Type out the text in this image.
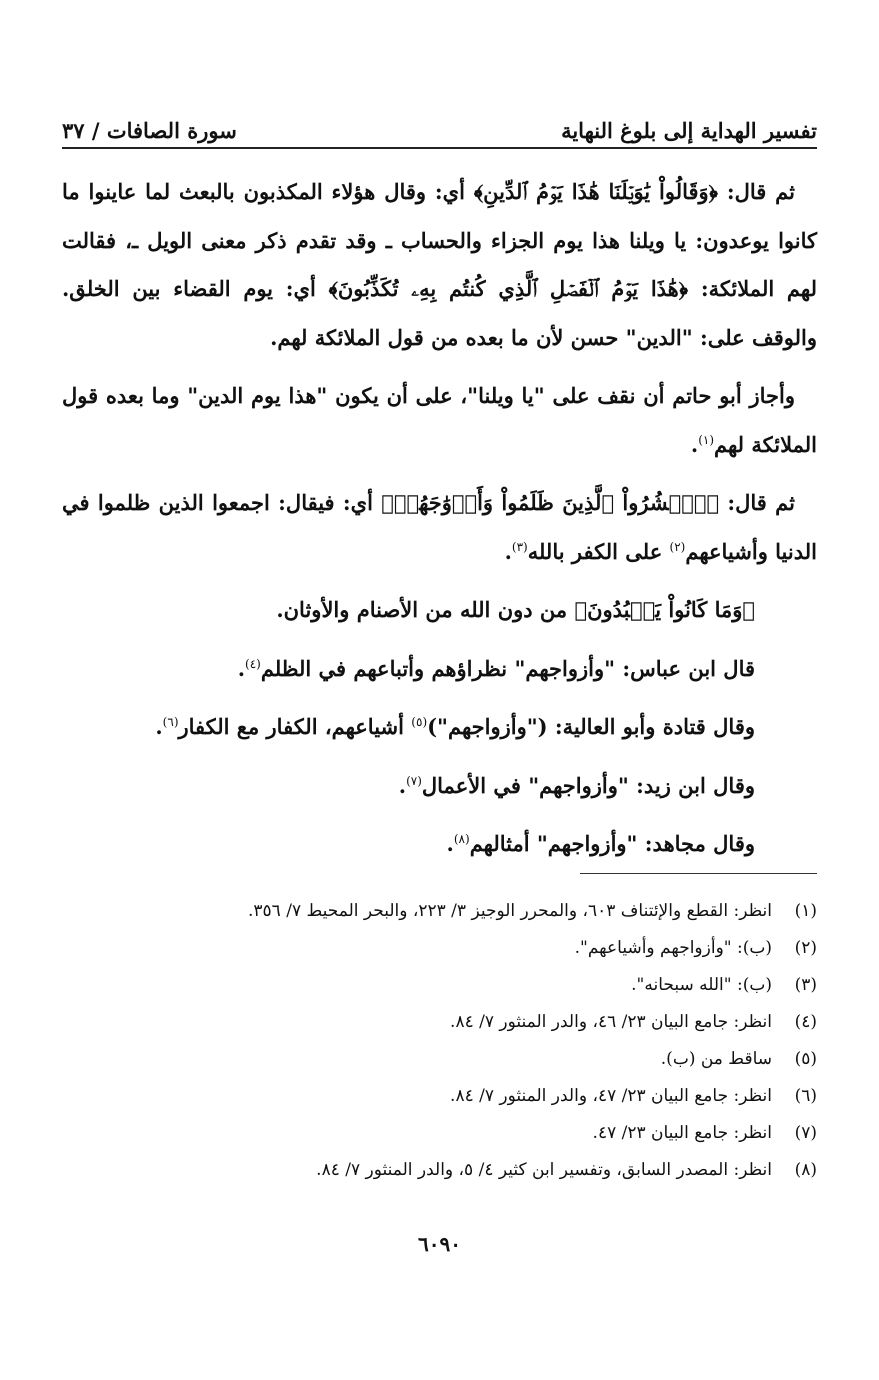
تفسير الهداية إلى بلوغ النهاية
سورة الصافات / ٣٧

ثم قال: ﴿وَقَالُواْ يَٰوَيۡلَنَا هَٰذَا يَوۡمُ ٱلدِّينِ﴾ أي: وقال هؤلاء المكذبون بالبعث لما عاينوا ما كانوا يوعدون: يا ويلنا هذا يوم الجزاء والحساب ـ وقد تقدم ذكر معنى الويل ـ، فقالت لهم الملائكة: ﴿هَٰذَا يَوۡمُ ٱلۡفَصۡلِ ٱلَّذِي كُنتُم بِهِۦ تُكَذِّبُونَ﴾ أي: يوم القضاء بين الخلق. والوقف على: "الدين" حسن لأن ما بعده من قول الملائكة لهم.

وأجاز أبو حاتم أن نقف على "يا ويلنا"، على أن يكون "هذا يوم الدين" وما بعده قول الملائكة لهم$^{(١)}$.

ثم قال: ﴿ٱحۡشُرُواْ ٱلَّذِينَ ظَلَمُواْ وَأَزۡوَٰجَهُمۡ﴾ أي: فيقال: اجمعوا الذين ظلموا في الدنيا وأشياعهم$^{(٢)}$ على الكفر بالله$^{(٣)}$.

﴿وَمَا كَانُواْ يَعۡبُدُونَ﴾ من دون الله من الأصنام والأوثان.

قال ابن عباس: "وأزواجهم" نظراؤهم وأتباعهم في الظلم$^{(٤)}$.

وقال قتادة وأبو العالية: ("وأزواجهم")$^{(٥)}$ أشياعهم، الكفار مع الكفار$^{(٦)}$.

وقال ابن زيد: "وأزواجهم" في الأعمال$^{(٧)}$.

وقال مجاهد: "وأزواجهم" أمثالهم$^{(٨)}$.

(١)
انظر: القطع والإئتناف ٦٠٣، والمحرر الوجيز ٣/ ٢٢٣، والبحر المحيط ٧/ ٣٥٦.
(٢)
(ب): "وأزواجهم وأشياعهم".
(٣)
(ب): "الله سبحانه".
(٤)
انظر: جامع البيان ٢٣/ ٤٦، والدر المنثور ٧/ ٨٤.
(٥)
ساقط من (ب).
(٦)
انظر: جامع البيان ٢٣/ ٤٧، والدر المنثور ٧/ ٨٤.
(٧)
انظر: جامع البيان ٢٣/ ٤٧.
(٨)
انظر: المصدر السابق، وتفسير ابن كثير ٤/ ٥، والدر المنثور ٧/ ٨٤.
٦٠٩٠
